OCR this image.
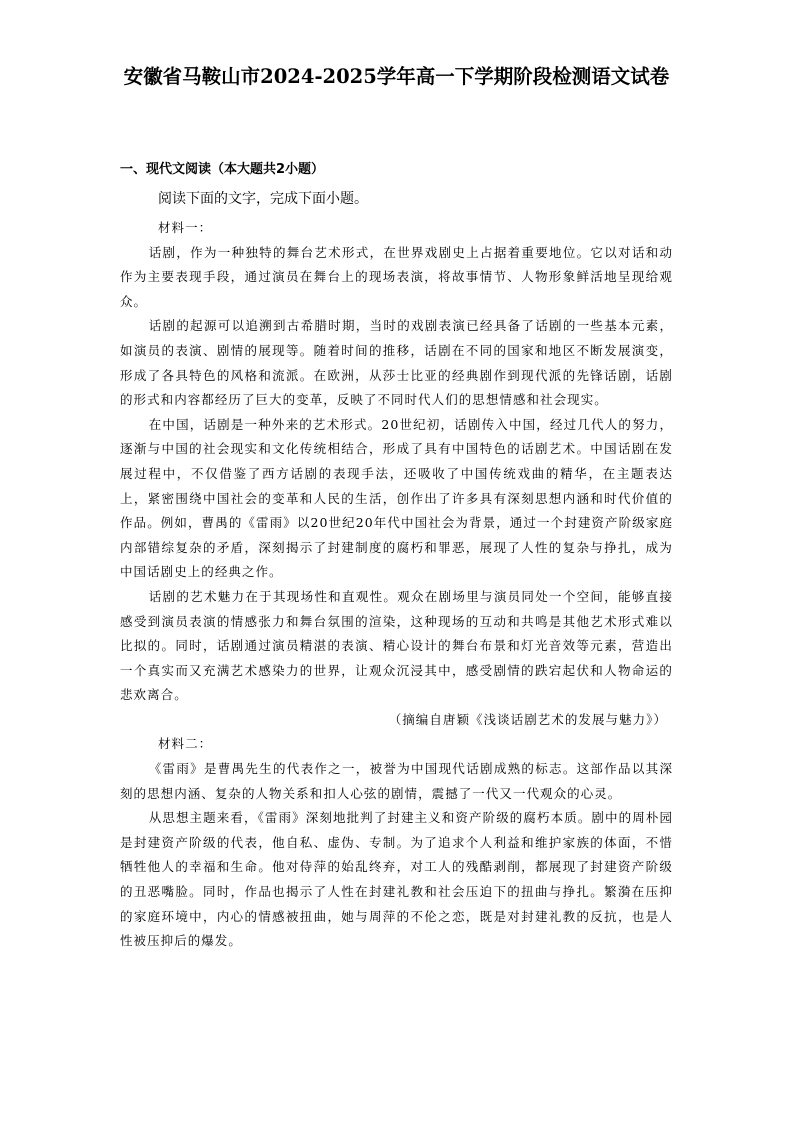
安徽省马鞍山市2024-2025学年高一下学期阶段检测语文试卷
一、现代文阅读（本大题共2小题）

阅读下面的文字，完成下面小题。

材料一：

话剧，作为一种独特的舞台艺术形式，在世界戏剧史上占据着重要地位。它以对话和动作为主要表现手段，通过演员在舞台上的现场表演，将故事情节、人物形象鲜活地呈现给观众。

话剧的起源可以追溯到古希腊时期，当时的戏剧表演已经具备了话剧的一些基本元素，如演员的表演、剧情的展现等。随着时间的推移，话剧在不同的国家和地区不断发展演变，形成了各具特色的风格和流派。在欧洲，从莎士比亚的经典剧作到现代派的先锋话剧，话剧的形式和内容都经历了巨大的变革，反映了不同时代人们的思想情感和社会现实。

在中国，话剧是一种外来的艺术形式。20世纪初，话剧传入中国，经过几代人的努力，逐渐与中国的社会现实和文化传统相结合，形成了具有中国特色的话剧艺术。中国话剧在发展过程中，不仅借鉴了西方话剧的表现手法，还吸收了中国传统戏曲的精华，在主题表达上，紧密围绕中国社会的变革和人民的生活，创作出了许多具有深刻思想内涵和时代价值的作品。例如，曹禺的《雷雨》以20世纪20年代中国社会为背景，通过一个封建资产阶级家庭内部错综复杂的矛盾，深刻揭示了封建制度的腐朽和罪恶，展现了人性的复杂与挣扎，成为中国话剧史上的经典之作。

话剧的艺术魅力在于其现场性和直观性。观众在剧场里与演员同处一个空间，能够直接感受到演员表演的情感张力和舞台氛围的渲染，这种现场的互动和共鸣是其他艺术形式难以比拟的。同时，话剧通过演员精湛的表演、精心设计的舞台布景和灯光音效等元素，营造出一个真实而又充满艺术感染力的世界，让观众沉浸其中，感受剧情的跌宕起伏和人物命运的悲欢离合。

（摘编自唐颖《浅谈话剧艺术的发展与魅力》）

材料二：

《雷雨》是曹禺先生的代表作之一，被誉为中国现代话剧成熟的标志。这部作品以其深刻的思想内涵、复杂的人物关系和扣人心弦的剧情，震撼了一代又一代观众的心灵。

从思想主题来看，《雷雨》深刻地批判了封建主义和资产阶级的腐朽本质。剧中的周朴园是封建资产阶级的代表，他自私、虚伪、专制。为了追求个人利益和维护家族的体面，不惜牺牲他人的幸福和生命。他对侍萍的始乱终弃，对工人的残酷剥削，都展现了封建资产阶级的丑恶嘴脸。同时，作品也揭示了人性在封建礼教和社会压迫下的扭曲与挣扎。繁漪在压抑的家庭环境中，内心的情感被扭曲，她与周萍的不伦之恋，既是对封建礼教的反抗，也是人性被压抑后的爆发。
